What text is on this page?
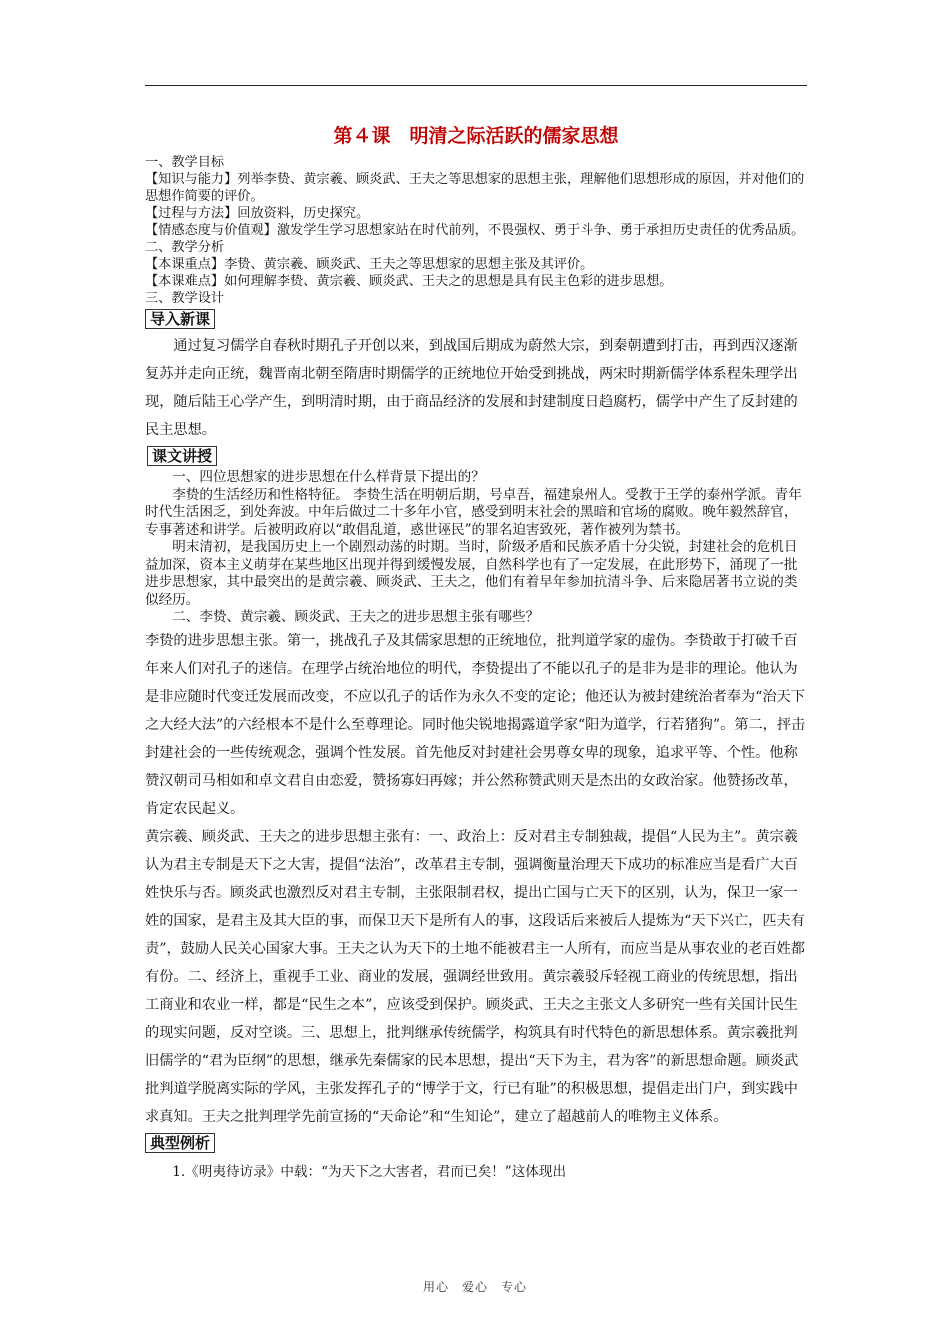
第４课　明清之际活跃的儒家思想

一、教学目标

【知识与能力】列举李贽、黄宗羲、顾炎武、王夫之等思想家的思想主张，理解他们思想形成的原因，并对他们的思想作简要的评价。

【过程与方法】回放资料，历史探究。

【情感态度与价值观】激发学生学习思想家站在时代前列，不畏强权、勇于斗争、勇于承担历史责任的优秀品质。

二、教学分析

【本课重点】李贽、黄宗羲、顾炎武、王夫之等思想家的思想主张及其评价。

【本课难点】如何理解李贽、黄宗羲、顾炎武、王夫之的思想是具有民主色彩的进步思想。

三、教学设计

导入新课

通过复习儒学自春秋时期孔子开创以来，到战国后期成为蔚然大宗，到秦朝遭到打击，再到西汉逐渐复苏并走向正统，魏晋南北朝至隋唐时期儒学的正统地位开始受到挑战，两宋时期新儒学体系程朱理学出现，随后陆王心学产生，到明清时期，由于商品经济的发展和封建制度日趋腐朽，儒学中产生了反封建的民主思想。

课文讲授

一、四位思想家的进步思想在什么样背景下提出的？

李贽的生活经历和性格特征。 李贽生活在明朝后期，号卓吾，福建泉州人。受教于王学的泰州学派。青年时代生活困乏，到处奔波。中年后做过二十多年小官，感受到明末社会的黑暗和官场的腐败。晚年毅然辞官，专事著述和讲学。后被明政府以“敢倡乱道，惑世诬民”的罪名迫害致死，著作被列为禁书。

明末清初，是我国历史上一个剧烈动荡的时期。当时，阶级矛盾和民族矛盾十分尖锐，封建社会的危机日益加深，资本主义萌芽在某些地区出现并得到缓慢发展，自然科学也有了一定发展，在此形势下，涌现了一批进步思想家，其中最突出的是黄宗羲、顾炎武、王夫之，他们有着早年参加抗清斗争、后来隐居著书立说的类似经历。

二、李贽、黄宗羲、顾炎武、王夫之的进步思想主张有哪些？

李贽的进步思想主张。第一，挑战孔子及其儒家思想的正统地位，批判道学家的虚伪。李贽敢于打破千百年来人们对孔子的迷信。在理学占统治地位的明代，李贽提出了不能以孔子的是非为是非的理论。他认为是非应随时代变迁发展而改变，不应以孔子的话作为永久不变的定论；他还认为被封建统治者奉为“治天下之大经大法”的六经根本不是什么至尊理论。同时他尖锐地揭露道学家“阳为道学，行若猪狗”。第二，抨击封建社会的一些传统观念，强调个性发展。首先他反对封建社会男尊女卑的现象，追求平等、个性。他称赞汉朝司马相如和卓文君自由恋爱，赞扬寡妇再嫁；并公然称赞武则天是杰出的女政治家。他赞扬改革，肯定农民起义。

黄宗羲、顾炎武、王夫之的进步思想主张有：一、政治上：反对君主专制独裁，提倡“人民为主”。黄宗羲认为君主专制是天下之大害，提倡“法治”，改革君主专制，强调衡量治理天下成功的标准应当是看广大百姓快乐与否。顾炎武也激烈反对君主专制，主张限制君权，提出亡国与亡天下的区别，认为，保卫一家一姓的国家，是君主及其大臣的事，而保卫天下是所有人的事，这段话后来被后人提炼为“天下兴亡，匹夫有责”，鼓励人民关心国家大事。王夫之认为天下的土地不能被君主一人所有，而应当是从事农业的老百姓都有份。二、经济上，重视手工业、商业的发展，强调经世致用。黄宗羲驳斥轻视工商业的传统思想，指出工商业和农业一样，都是“民生之本”，应该受到保护。顾炎武、王夫之主张文人多研究一些有关国计民生的现实问题，反对空谈。三、思想上，批判继承传统儒学，构筑具有时代特色的新思想体系。黄宗羲批判旧儒学的“君为臣纲”的思想，继承先秦儒家的民本思想，提出“天下为主，君为客”的新思想命题。顾炎武批判道学脱离实际的学风，主张发挥孔子的“博学于文，行已有耻”的积极思想，提倡走出门户，到实践中求真知。王夫之批判理学先前宣扬的“天命论”和“生知论”，建立了超越前人的唯物主义体系。

典型例析

1.《明夷待访录》中载：“为天下之大害者，君而已矣！”这体现出

用心　爱心　专心
